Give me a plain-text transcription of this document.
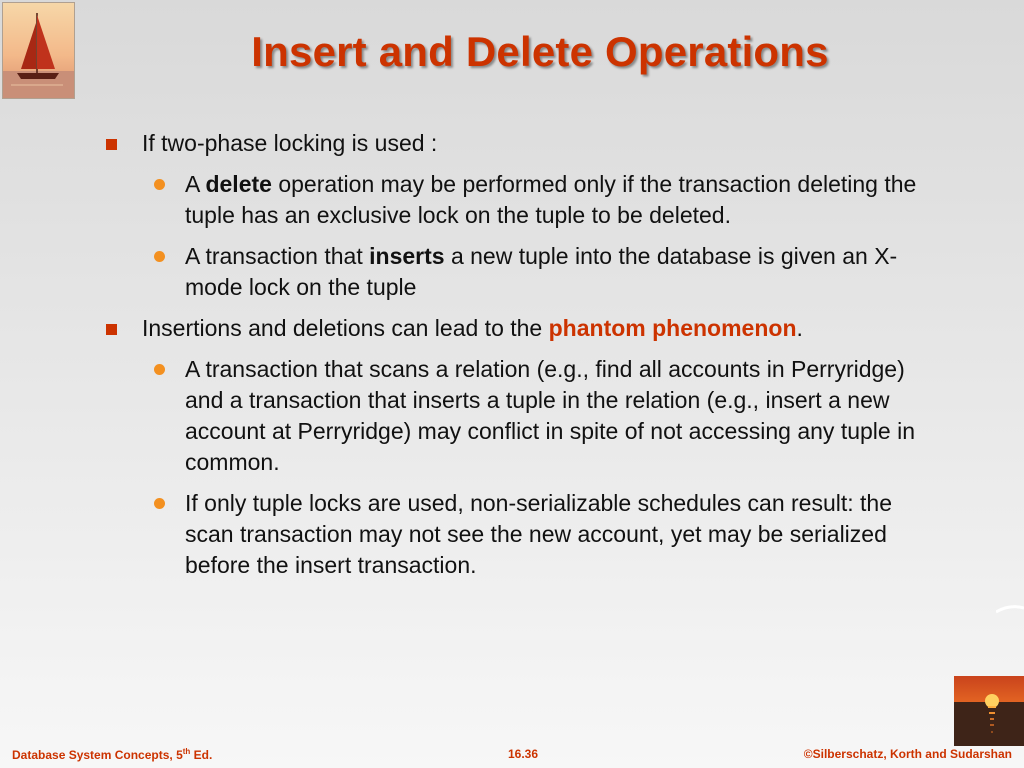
Insert and Delete Operations
If two-phase locking is used :
A delete operation may be performed only if the transaction deleting the tuple has an exclusive lock on the tuple to be deleted.
A transaction that inserts a new tuple into the database is given an X-mode lock on the tuple
Insertions and deletions can lead to the phantom phenomenon.
A transaction that scans a relation (e.g., find all accounts in Perryridge) and a transaction that inserts a tuple in the relation (e.g., insert a new account at Perryridge) may conflict in spite of not accessing any tuple in common.
If only tuple locks are used, non-serializable schedules can result: the scan transaction may not see the new account, yet may be serialized before the insert transaction.
Database System Concepts, 5th Ed.	16.36	©Silberschatz, Korth and Sudarshan
